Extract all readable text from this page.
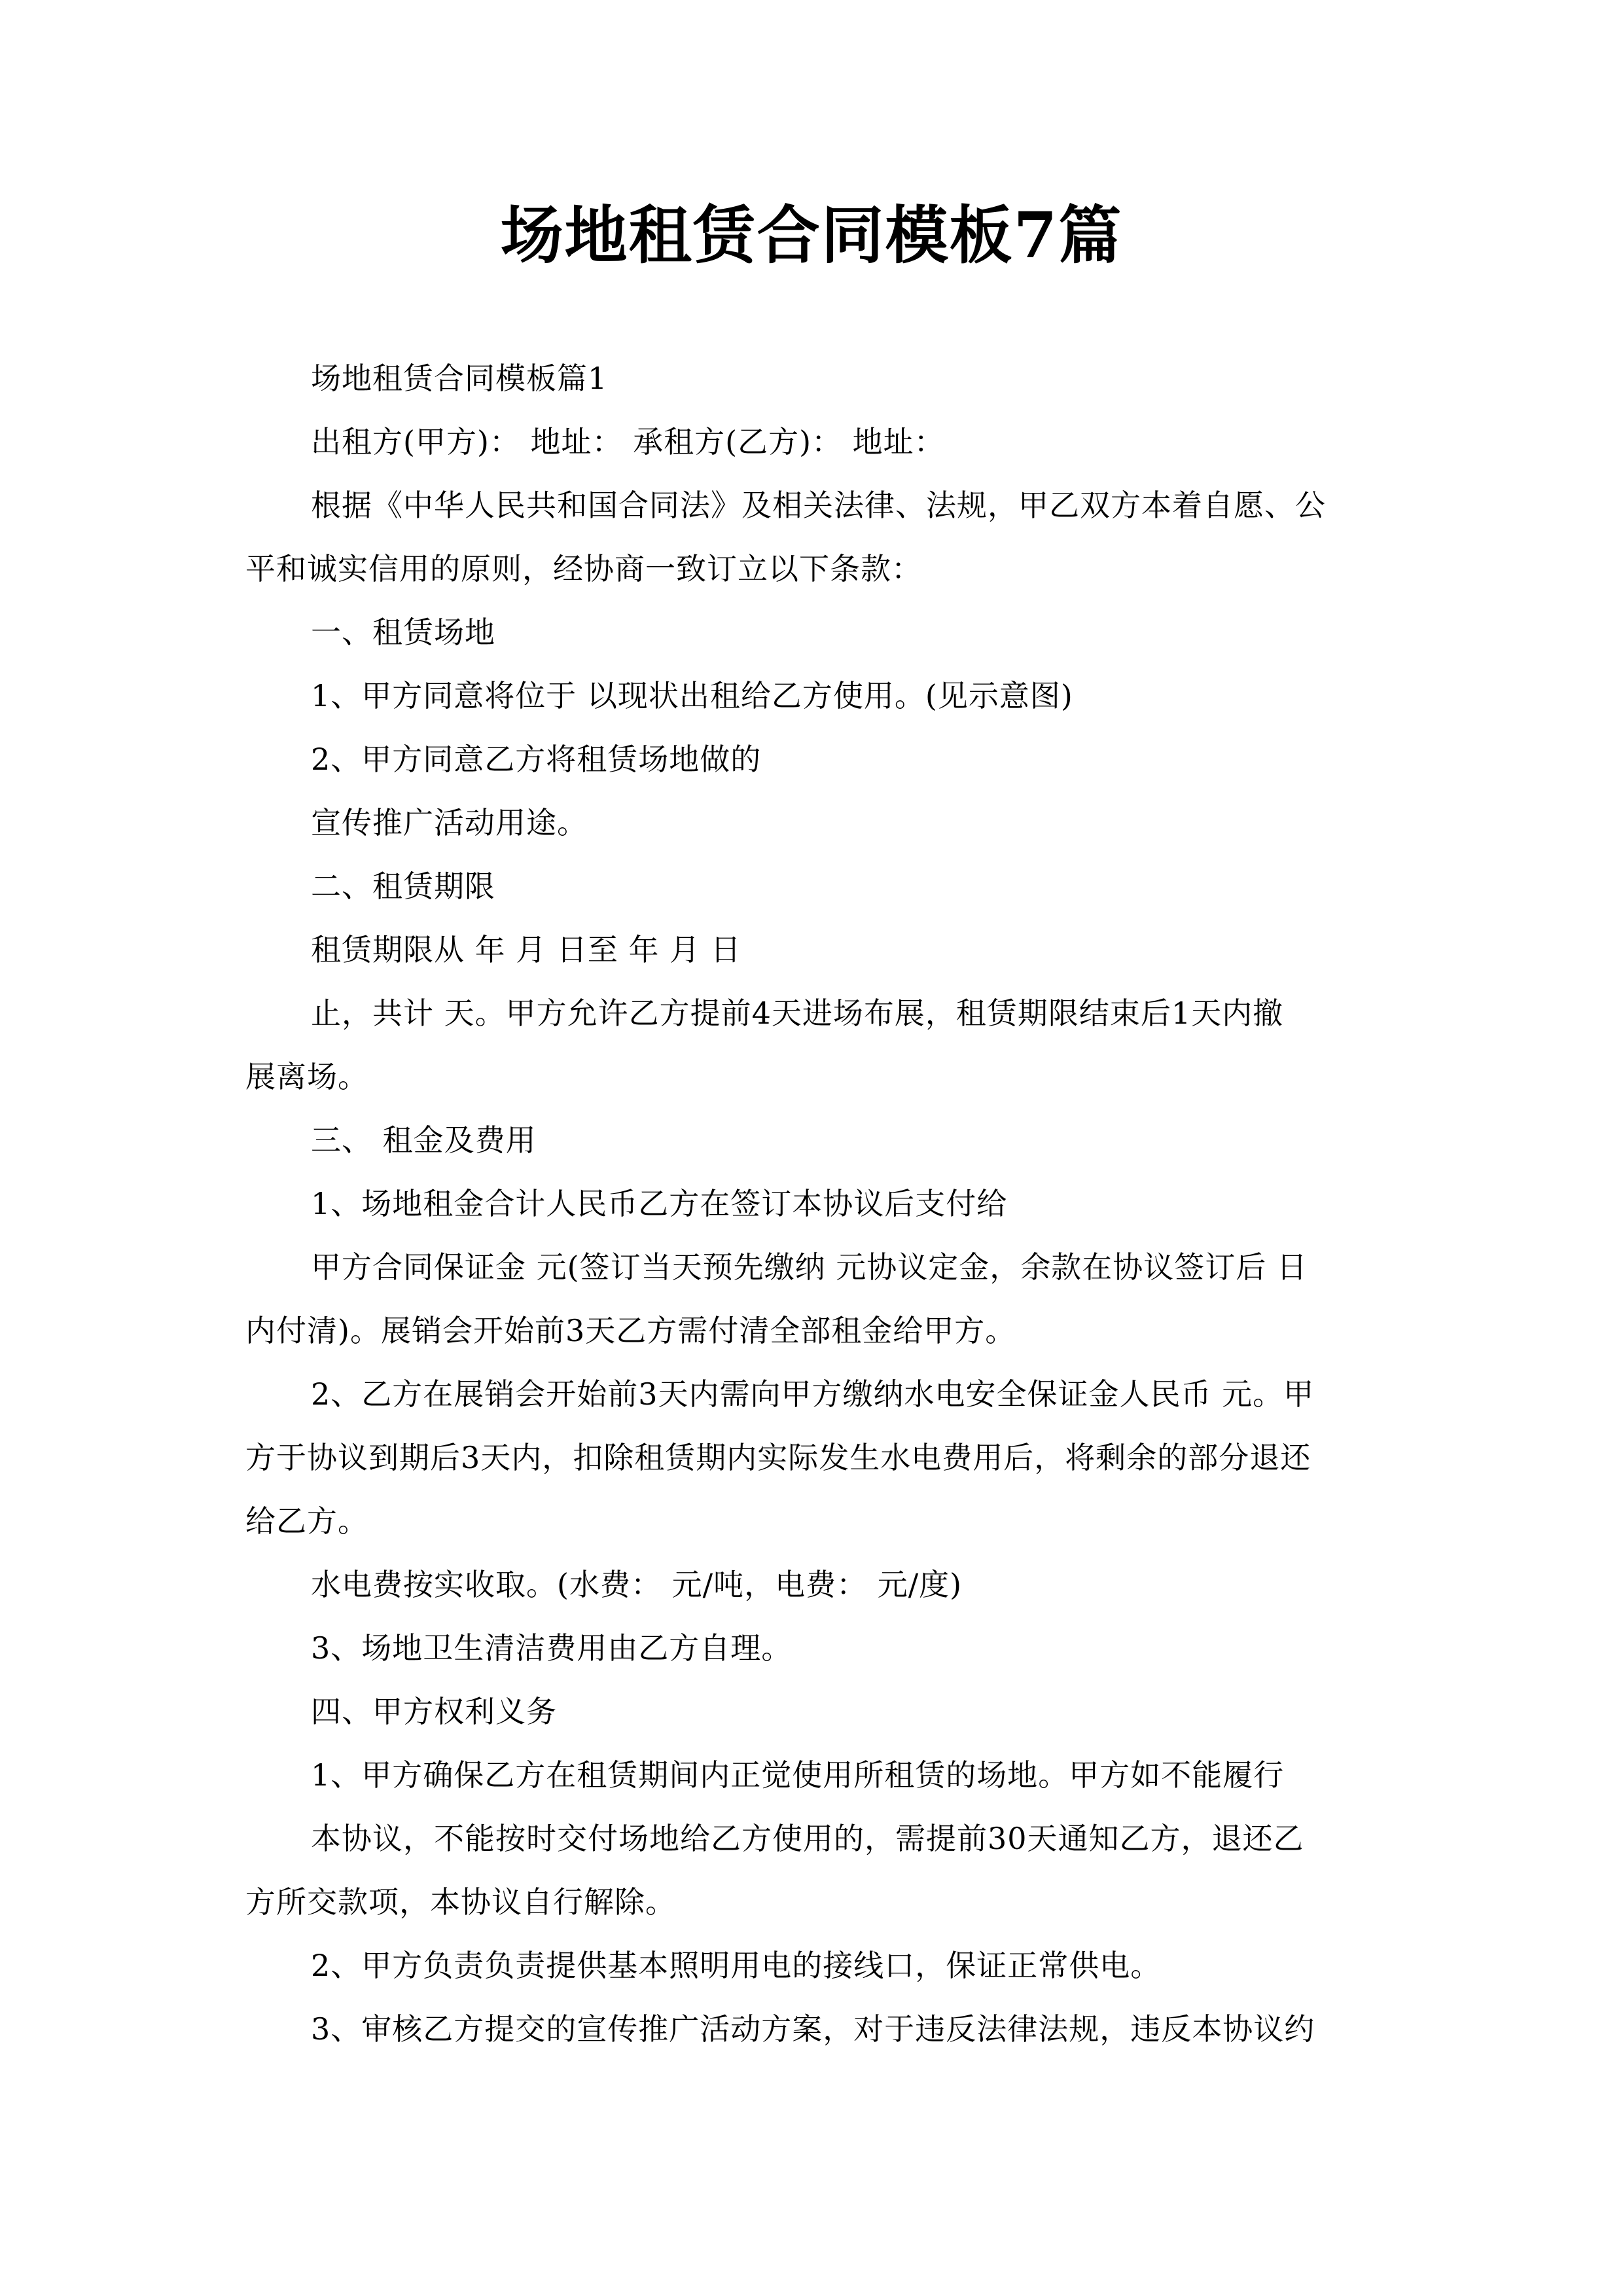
场地租赁合同模板7篇
场地租赁合同模板篇1
出租方(甲方)： 地址： 承租方(乙方)： 地址：
根据《中华人民共和国合同法》及相关法律、法规，甲乙双方本着自愿、公
平和诚实信用的原则，经协商一致订立以下条款：
一、租赁场地
1、甲方同意将位于 以现状出租给乙方使用。(见示意图)
2、甲方同意乙方将租赁场地做的
宣传推广活动用途。
二、租赁期限
租赁期限从 年 月 日至 年 月 日
止，共计 天。甲方允许乙方提前4天进场布展，租赁期限结束后1天内撤
展离场。
三、 租金及费用
1、场地租金合计人民币乙方在签订本协议后支付给
甲方合同保证金 元(签订当天预先缴纳 元协议定金，余款在协议签订后 日
内付清)。展销会开始前3天乙方需付清全部租金给甲方。
2、乙方在展销会开始前3天内需向甲方缴纳水电安全保证金人民币 元。甲
方于协议到期后3天内，扣除租赁期内实际发生水电费用后，将剩余的部分退还
给乙方。
水电费按实收取。(水费： 元/吨，电费： 元/度)
3、场地卫生清洁费用由乙方自理。
四、甲方权利义务
1、甲方确保乙方在租赁期间内正觉使用所租赁的场地。甲方如不能履行
本协议，不能按时交付场地给乙方使用的，需提前30天通知乙方，退还乙
方所交款项，本协议自行解除。
2、甲方负责负责提供基本照明用电的接线口，保证正常供电。
3、审核乙方提交的宣传推广活动方案，对于违反法律法规，违反本协议约
